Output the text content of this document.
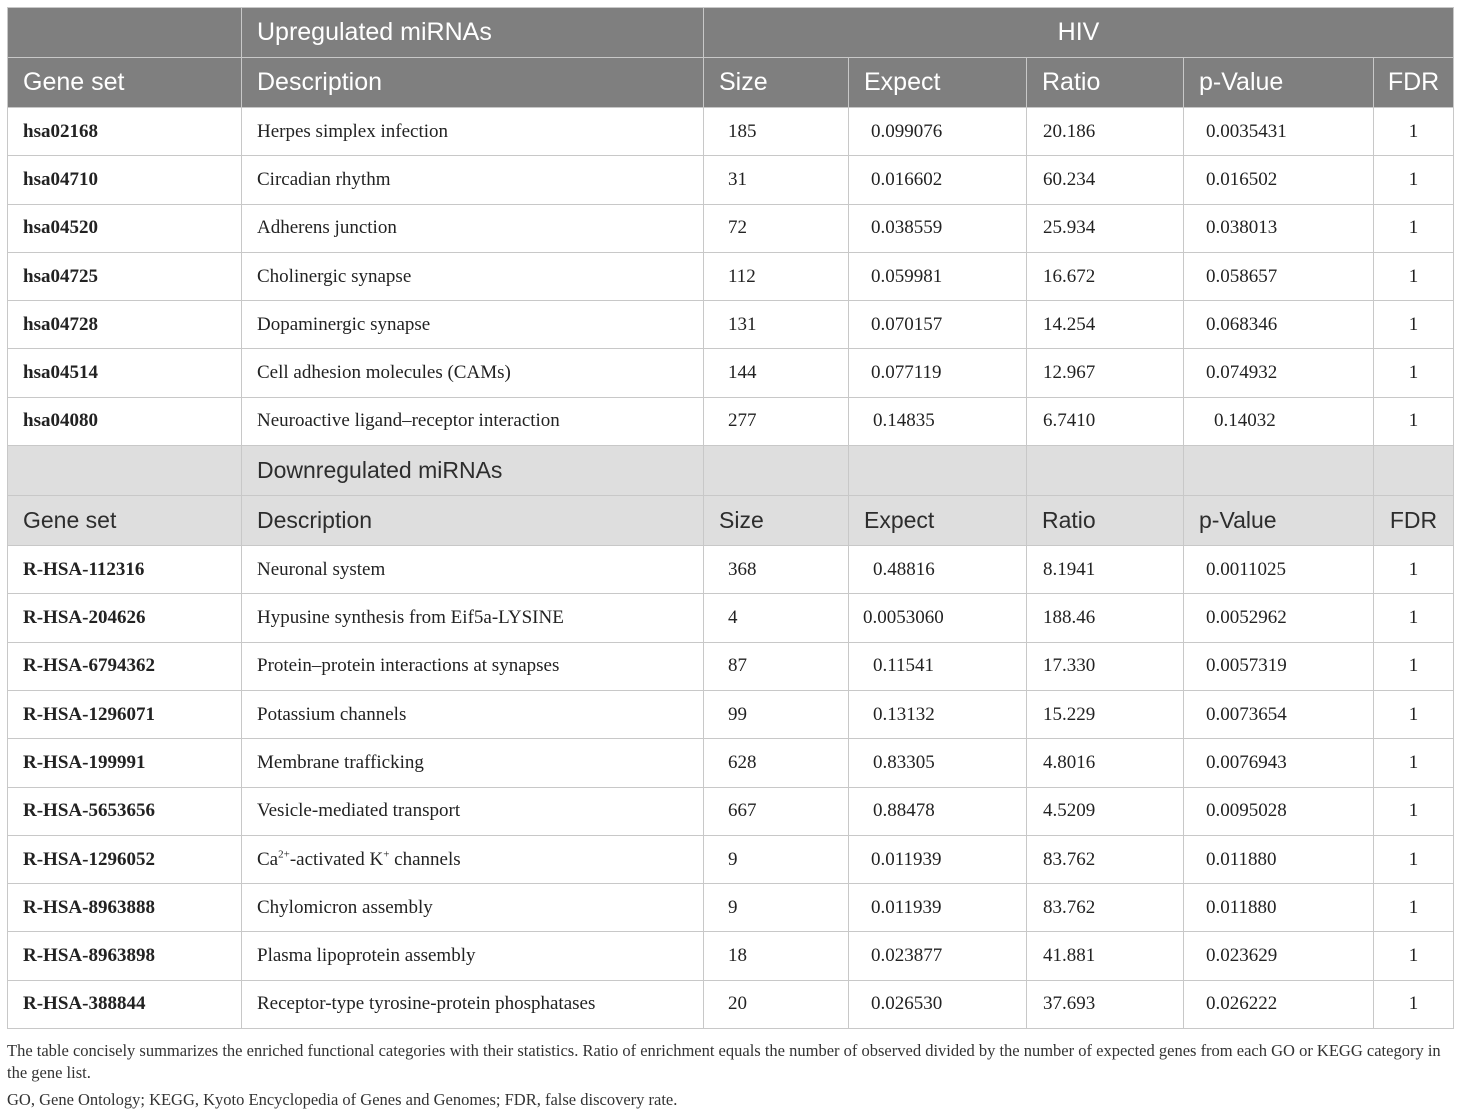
	Upregulated miRNAs	HIV				
Gene set	Description	Size	Expect	Ratio	p-Value	FDR
hsa02168	Herpes simplex infection	185	0.099076	20.186	0.0035431	1
hsa04710	Circadian rhythm	31	0.016602	60.234	0.016502	1
hsa04520	Adherens junction	72	0.038559	25.934	0.038013	1
hsa04725	Cholinergic synapse	112	0.059981	16.672	0.058657	1
hsa04728	Dopaminergic synapse	131	0.070157	14.254	0.068346	1
hsa04514	Cell adhesion molecules (CAMs)	144	0.077119	12.967	0.074932	1
hsa04080	Neuroactive ligand–receptor interaction	277	0.14835	6.7410	0.14032	1
	Downregulated miRNAs					
Gene set	Description	Size	Expect	Ratio	p-Value	FDR
R-HSA-112316	Neuronal system	368	0.48816	8.1941	0.0011025	1
R-HSA-204626	Hypusine synthesis from Eif5a-LYSINE	4	0.0053060	188.46	0.0052962	1
R-HSA-6794362	Protein–protein interactions at synapses	87	0.11541	17.330	0.0057319	1
R-HSA-1296071	Potassium channels	99	0.13132	15.229	0.0073654	1
R-HSA-199991	Membrane trafficking	628	0.83305	4.8016	0.0076943	1
R-HSA-5653656	Vesicle-mediated transport	667	0.88478	4.5209	0.0095028	1
R-HSA-1296052	$Ca^{2+}$-activated K+ channels	9	0.011939	83.762	0.011880	1
R-HSA-8963888	Chylomicron assembly	9	0.011939	83.762	0.011880	1
R-HSA-8963898	Plasma lipoprotein assembly	18	0.023877	41.881	0.023629	1
R-HSA-388844	Receptor-type tyrosine-protein phosphatases	20	0.026530	37.693	0.026222	1
The table concisely summarizes the enriched functional categories with their statistics. Ratio of enrichment equals the number of observed divided by the number of expected genes from each GO or KEGG category in the gene list.
GO, Gene Ontology; KEGG, Kyoto Encyclopedia of Genes and Genomes; FDR, false discovery rate.
